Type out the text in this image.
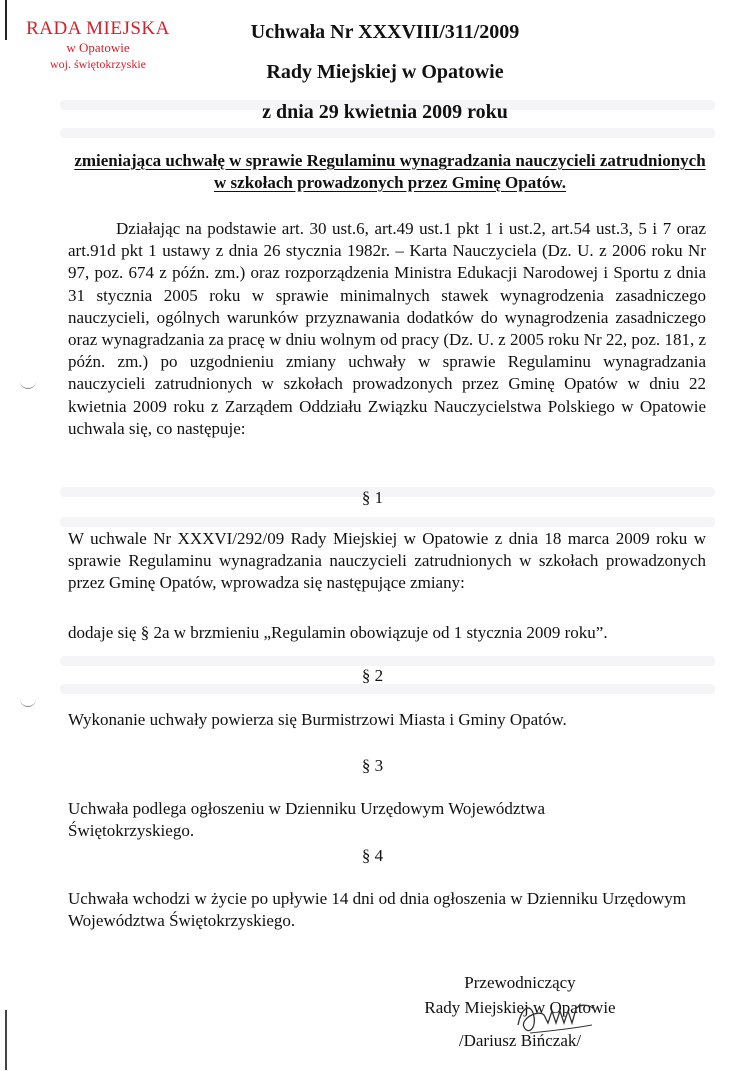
RADA MIEJSKA
w Opatowie
woj. świętokrzyskie
Uchwała Nr XXXVIII/311/2009
Rady Miejskiej w Opatowie
z dnia 29 kwietnia 2009 roku
zmieniająca uchwałę w sprawie Regulaminu wynagradzania nauczycieli zatrudnionych w szkołach prowadzonych przez Gminę Opatów.
Działając na podstawie art. 30 ust.6, art.49 ust.1 pkt 1 i ust.2, art.54 ust.3, 5 i 7 oraz art.91d pkt 1 ustawy z dnia 26 stycznia 1982r. – Karta Nauczyciela (Dz. U. z 2006 roku Nr 97, poz. 674 z późn. zm.) oraz rozporządzenia Ministra Edukacji Narodowej i Sportu z dnia 31 stycznia 2005 roku w sprawie minimalnych stawek wynagrodzenia zasadniczego nauczycieli, ogólnych warunków przyznawania dodatków do wynagrodzenia zasadniczego oraz wynagradzania za pracę w dniu wolnym od pracy (Dz. U. z 2005 roku Nr 22, poz. 181, z późn. zm.) po uzgodnieniu zmiany uchwały w sprawie Regulaminu wynagradzania nauczycieli zatrudnionych w szkołach prowadzonych przez Gminę Opatów w dniu 22 kwietnia 2009 roku z Zarządem Oddziału Związku Nauczycielstwa Polskiego w Opatowie uchwala się, co następuje:
§ 1
W uchwale Nr XXXVI/292/09 Rady Miejskiej w Opatowie z dnia 18 marca 2009 roku w sprawie Regulaminu wynagradzania nauczycieli zatrudnionych w szkołach prowadzonych przez Gminę Opatów, wprowadza się następujące zmiany:
dodaje się § 2a w brzmieniu „Regulamin obowiązuje od 1 stycznia 2009 roku”.
§ 2
Wykonanie uchwały powierza się Burmistrzowi Miasta i Gminy Opatów.
§ 3
Uchwała podlega ogłoszeniu w Dzienniku Urzędowym Województwa Świętokrzyskiego.
§ 4
Uchwała wchodzi w życie po upływie 14 dni od dnia ogłoszenia w Dzienniku Urzędowym Województwa Świętokrzyskiego.
Przewodniczący
Rady Miejskiej w Opatowie
/Dariusz Bińczak/
